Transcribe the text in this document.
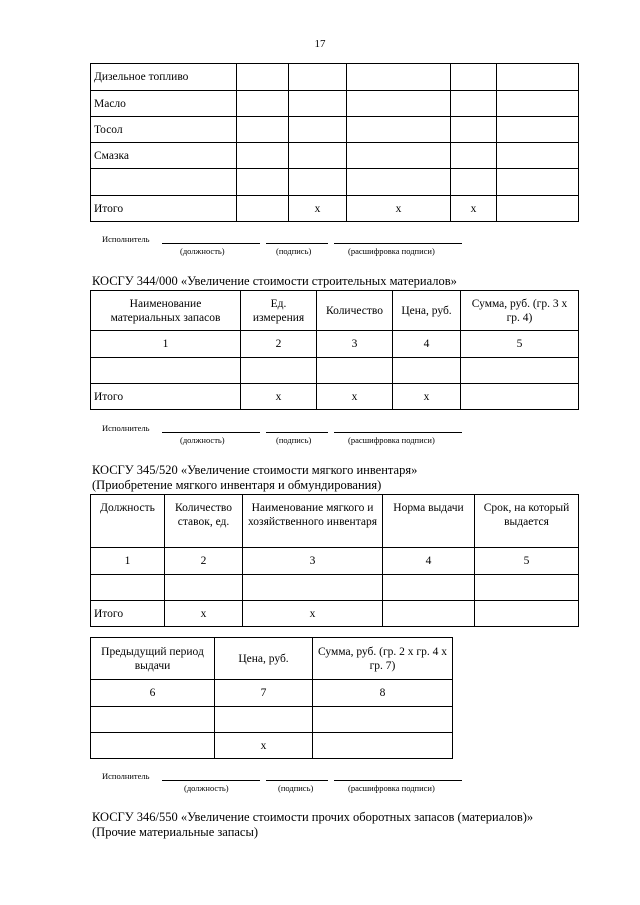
17
Дизельное топливо					
Масло					
Тосол					
Смазка					

Итого		x	x	x	
Исполнитель
(должность)	(подпись)	(расшифровка подписи)
КОСГУ 344/000 «Увеличение стоимости строительных материалов»
Наименование материальных запасов	Ед. измерения	Количество	Цена, руб.	Сумма, руб. (гр. 3 х гр. 4)
1	2	3	4	5

Итого	x	x	x	
Исполнитель
(должность)	(подпись)	(расшифровка подписи)
КОСГУ 345/520 «Увеличение стоимости мягкого инвентаря»
(Приобретение мягкого инвентаря и обмундирования)
Должность	Количество ставок, ед.	Наименование мягкого и хозяйственного инвентаря	Норма выдачи	Срок, на который выдается
1	2	3	4	5

Итого	x	x		
Предыдущий период выдачи	Цена, руб.	Сумма, руб. (гр. 2 х гр. 4 х гр. 7)
6	7	8

	x	
Исполнитель
(должность)	(подпись)	(расшифровка подписи)
КОСГУ 346/550 «Увеличение стоимости прочих оборотных запасов (материалов)»
(Прочие материальные запасы)
